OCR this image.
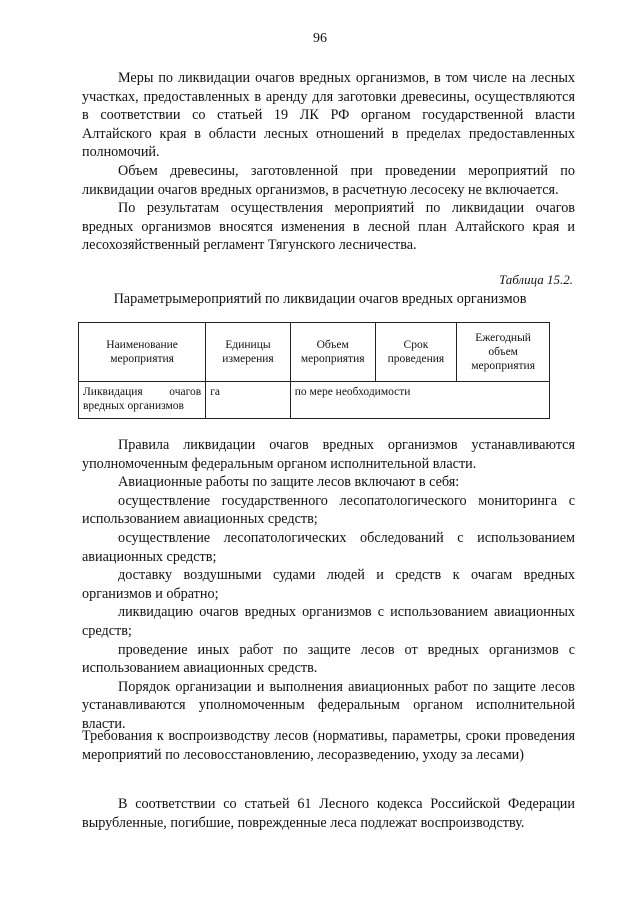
96

Меры по ликвидации очагов вредных организмов, в том числе на лесных участках, предоставленных в аренду для заготовки древесины, осуществляются в соответствии со статьей 19 ЛК РФ органом государственной власти Алтайского края в области лесных отношений в пределах предоставленных полномочий.

Объем древесины, заготовленной при проведении мероприятий по ликвидации очагов вредных организмов, в расчетную лесосеку не включается.

По результатам осуществления мероприятий по ликвидации очагов вредных организмов вносятся изменения в лесной план Алтайского края и лесохозяйственный регламент Тягунского лесничества.

Таблица 15.2.
Параметрымероприятий по ликвидации очагов вредных организмов
Наименование мероприятия	Единицы измерения	Объем мероприятия	Срок проведения	Ежегодный объем мероприятия
Ликвидация очагов вредных организмов	га	по мере необходимости		

Правила ликвидации очагов вредных организмов устанавливаются уполномоченным федеральным органом исполнительной власти.

Авиационные работы по защите лесов включают в себя:

осуществление государственного лесопатологического мониторинга с использованием авиационных средств;

осуществление лесопатологических обследований с использованием авиационных средств;

доставку воздушными судами людей и средств к очагам вредных организмов и обратно;

ликвидацию очагов вредных организмов с использованием авиационных средств;

проведение иных работ по защите лесов от вредных организмов с использованием авиационных средств.

Порядок организации и выполнения авиационных работ по защите лесов устанавливаются уполномоченным федеральным органом исполнительной власти.

Требования к воспроизводству лесов (нормативы, параметры, сроки проведения мероприятий по лесовосстановлению, лесоразведению, уходу за лесами)

В соответствии со статьей 61 Лесного кодекса Российской Федерации вырубленные, погибшие, поврежденные леса подлежат воспроизводству.
